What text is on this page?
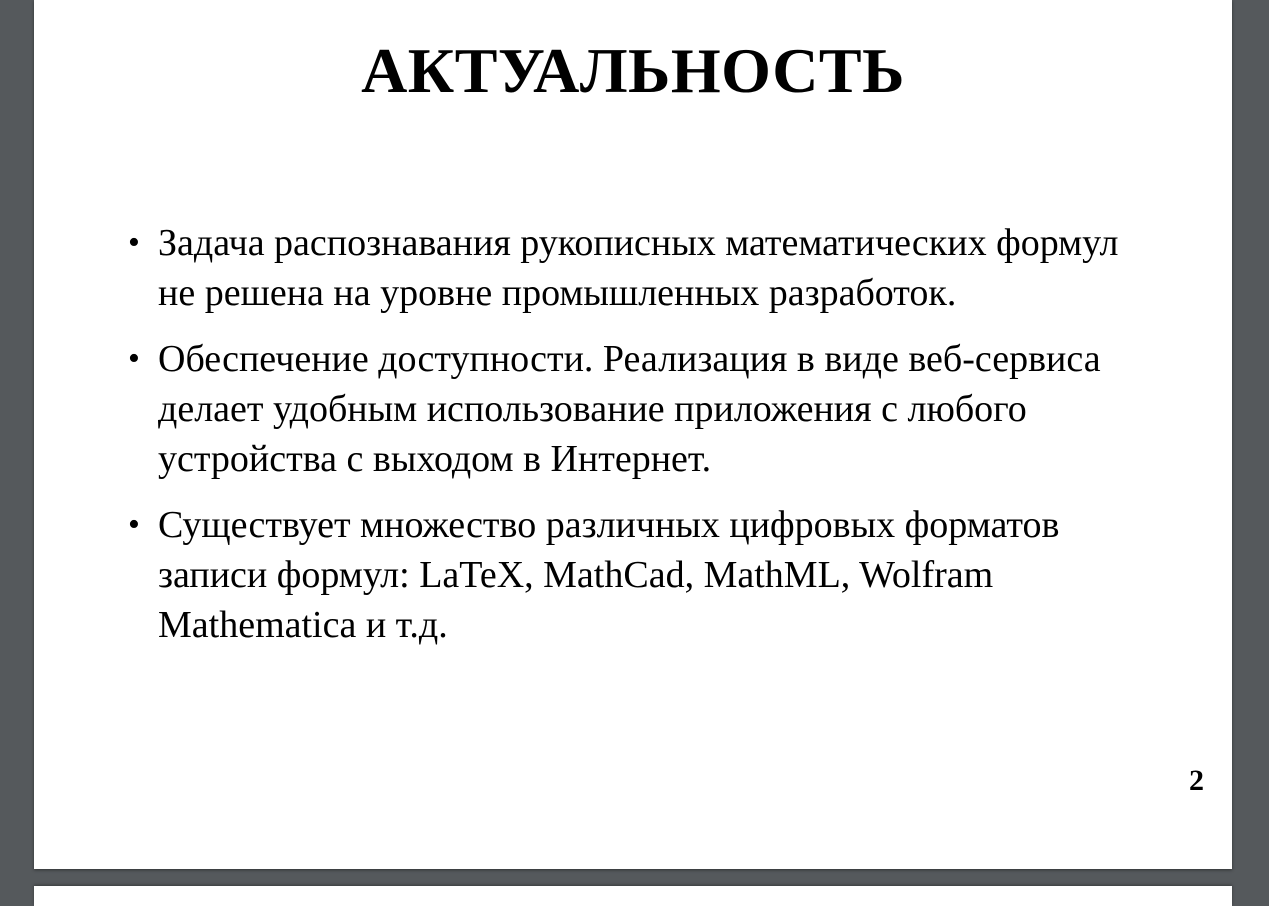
АКТУАЛЬНОСТЬ
• Задача распознавания рукописных математических формул не решена на уровне промышленных разработок.
• Обеспечение доступности. Реализация в виде веб-сервиса делает удобным использование приложения с любого устройства с выходом в Интернет.
• Существует множество различных цифровых форматов записи формул: LaTeX, MathCad, MathML, Wolfram Mathematica и т.д.
2
